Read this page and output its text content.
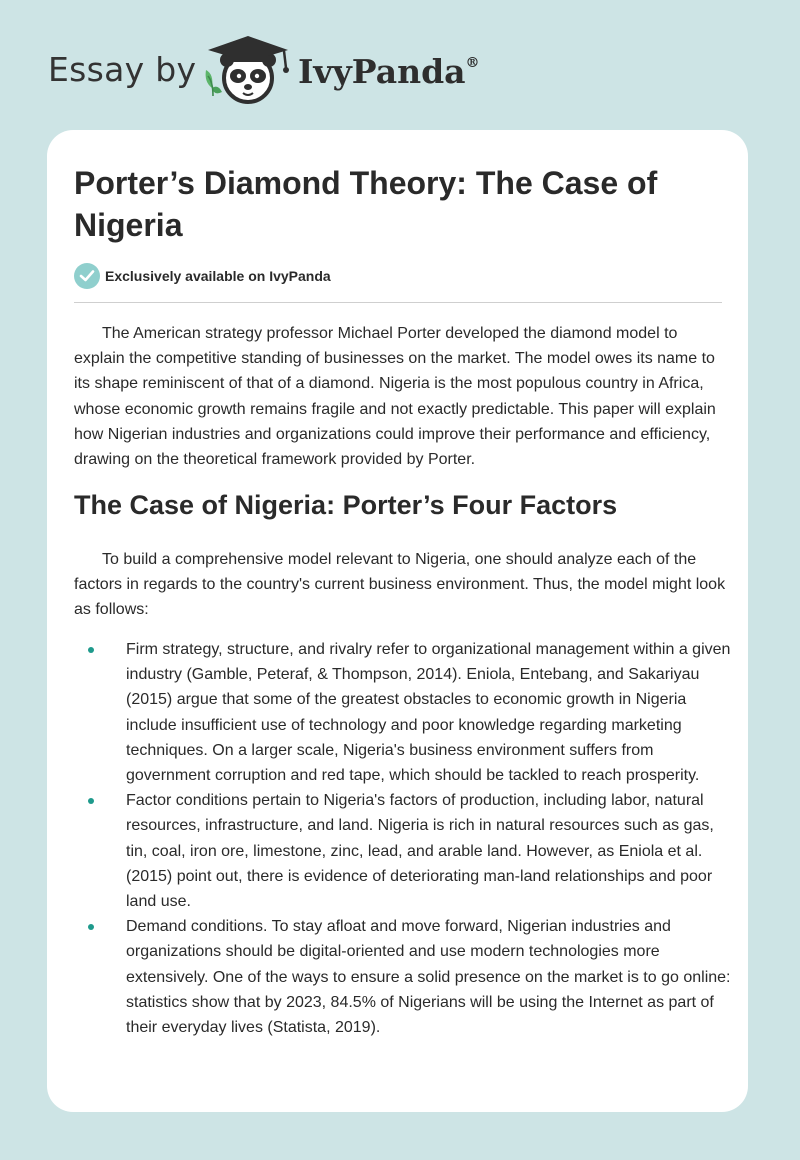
Essay by	IvyPanda®
Porter’s Diamond Theory: The Case of Nigeria
Exclusively available on IvyPanda

The American strategy professor Michael Porter developed the diamond model to explain the competitive standing of businesses on the market. The model owes its name to its shape reminiscent of that of a diamond. Nigeria is the most populous country in Africa, whose economic growth remains fragile and not exactly predictable. This paper will explain how Nigerian industries and organizations could improve their performance and efficiency, drawing on the theoretical framework provided by Porter.

The Case of Nigeria: Porter’s Four Factors

To build a comprehensive model relevant to Nigeria, one should analyze each of the factors in regards to the country's current business environment. Thus, the model might look as follows:

Firm strategy, structure, and rivalry refer to organizational management within a given industry (Gamble, Peteraf, & Thompson, 2014). Eniola, Entebang, and Sakariyau (2015) argue that some of the greatest obstacles to economic growth in Nigeria include insufficient use of technology and poor knowledge regarding marketing techniques. On a larger scale, Nigeria's business environment suffers from government corruption and red tape, which should be tackled to reach prosperity.
Factor conditions pertain to Nigeria's factors of production, including labor, natural resources, infrastructure, and land. Nigeria is rich in natural resources such as gas, tin, coal, iron ore, limestone, zinc, lead, and arable land. However, as Eniola et al. (2015) point out, there is evidence of deteriorating man-land relationships and poor land use.
Demand conditions. To stay afloat and move forward, Nigerian industries and organizations should be digital-oriented and use modern technologies more extensively. One of the ways to ensure a solid presence on the market is to go online: statistics show that by 2023, 84.5% of Nigerians will be using the Internet as part of their everyday lives (Statista, 2019).
